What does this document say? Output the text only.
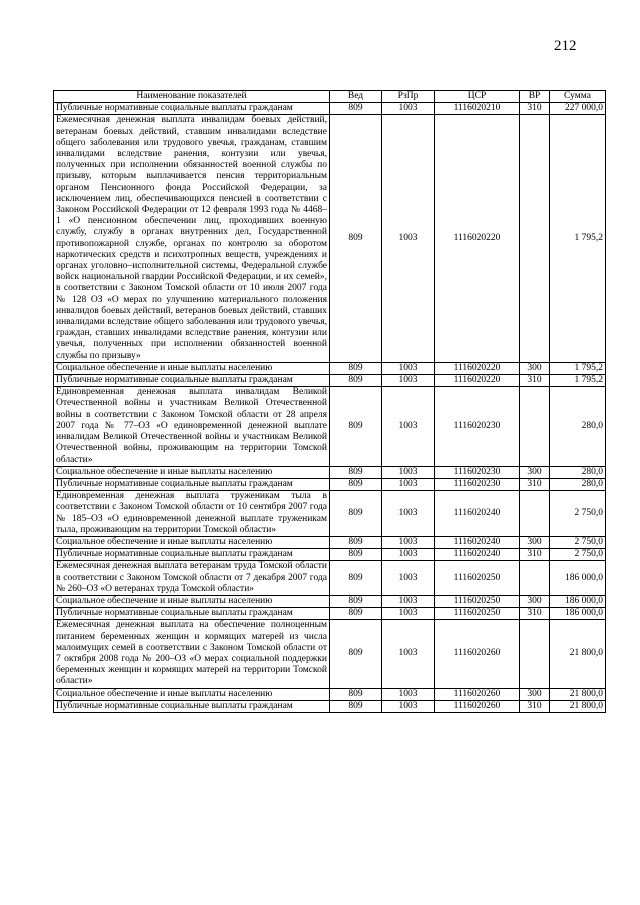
212
Наименование показателей	Вед	РзПр	ЦСР	ВР	Сумма
Публичные нормативные социальные выплаты гражданам	809	1003	1116020210	310	227 000,0
Ежемесячная денежная выплата инвалидам боевых действий, ветеранам боевых действий, ставшим инвалидами вследствие общего заболевания или трудового увечья, гражданам, ставшим инвалидами вследствие ранения, контузии или увечья, полученных при исполнении обязанностей военной службы по призыву, которым выплачивается пенсия территориальным органом Пенсионного фонда Российской Федерации, за исключением лиц, обеспечивающихся пенсией в соответствии с Законом Российской Федерации от 12 февраля 1993 года № 4468–1 «О пенсионном обеспечении лиц, проходивших военную службу, службу в органах внутренних дел, Государственной противопожарной службе, органах по контролю за оборотом наркотических средств и психотропных веществ, учреждениях и органах уголовно–исполнительной системы, Федеральной службе войск национальной гвардии Российской Федерации, и их семей», в соответствии с Законом Томской области от 10 июля 2007 года № 128 ОЗ «О мерах по улучшению материального положения инвалидов боевых действий, ветеранов боевых действий, ставших инвалидами вследствие общего заболевания или трудового увечья, граждан, ставших инвалидами вследствие ранения, контузии или увечья, полученных при исполнении обязанностей военной службы по призыву»	809	1003	1116020220		1 795,2
Социальное обеспечение и иные выплаты населению	809	1003	1116020220	300	1 795,2
Публичные нормативные социальные выплаты гражданам	809	1003	1116020220	310	1 795,2
Единовременная денежная выплата инвалидам Великой Отечественной войны и участникам Великой Отечественной войны в соответствии с Законом Томской области от 28 апреля 2007 года № 77–ОЗ «О единовременной денежной выплате инвалидам Великой Отечественной войны и участникам Великой Отечественной войны, проживающим на территории Томской области»	809	1003	1116020230		280,0
Социальное обеспечение и иные выплаты населению	809	1003	1116020230	300	280,0
Публичные нормативные социальные выплаты гражданам	809	1003	1116020230	310	280,0
Единовременная денежная выплата труженикам тыла в соответствии с Законом Томской области от 10 сентября 2007 года № 185–ОЗ «О единовременной денежной выплате труженикам тыла, проживающим на территории Томской области»	809	1003	1116020240		2 750,0
Социальное обеспечение и иные выплаты населению	809	1003	1116020240	300	2 750,0
Публичные нормативные социальные выплаты гражданам	809	1003	1116020240	310	2 750,0
Ежемесячная денежная выплата ветеранам труда Томской области в соответствии с Законом Томской области от 7 декабря 2007 года № 260–ОЗ «О ветеранах труда Томской области»	809	1003	1116020250		186 000,0
Социальное обеспечение и иные выплаты населению	809	1003	1116020250	300	186 000,0
Публичные нормативные социальные выплаты гражданам	809	1003	1116020250	310	186 000,0
Ежемесячная денежная выплата на обеспечение полноценным питанием беременных женщин и кормящих матерей из числа малоимущих семей в соответствии с Законом Томской области от 7 октября 2008 года № 200–ОЗ «О мерах социальной поддержки беременных женщин и кормящих матерей на территории Томской области»	809	1003	1116020260		21 800,0
Социальное обеспечение и иные выплаты населению	809	1003	1116020260	300	21 800,0
Публичные нормативные социальные выплаты гражданам	809	1003	1116020260	310	21 800,0
